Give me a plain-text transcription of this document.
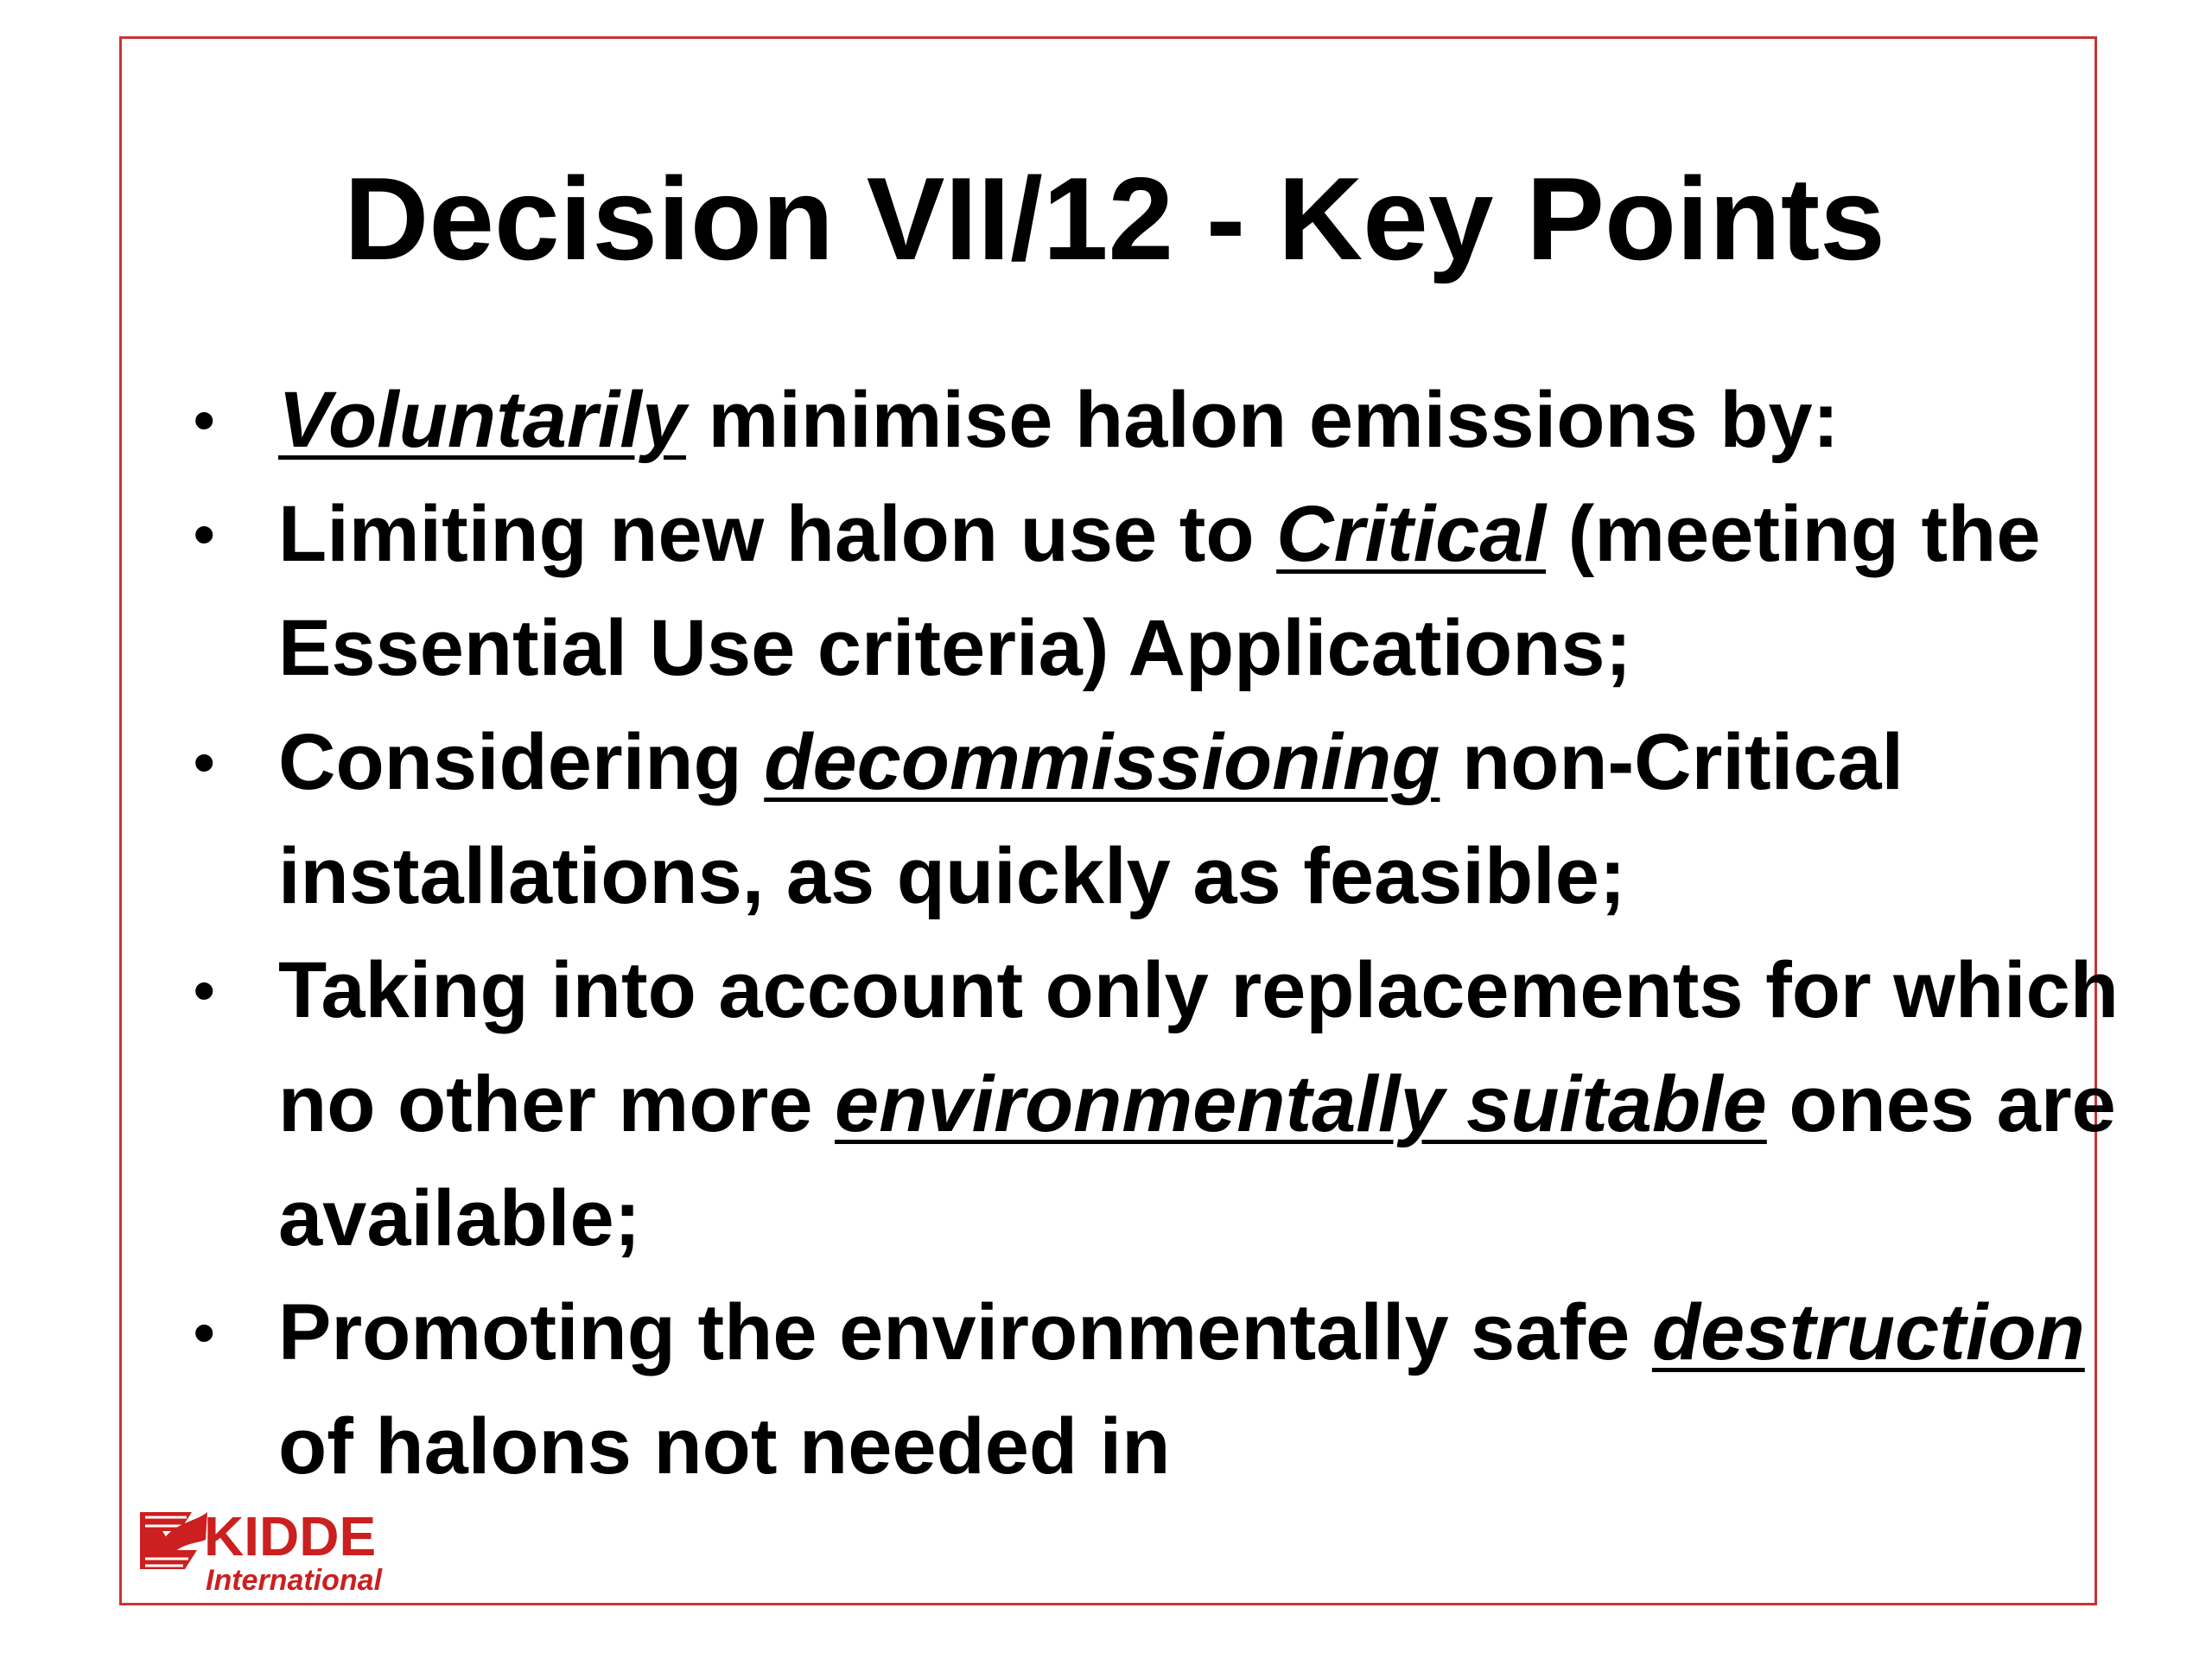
Decision VII/12 - Key Points
• Voluntarily minimise halon emissions by:
• Limiting new halon use to Critical (meeting the Essential Use criteria) Applications;
• Considering decommissioning non-Critical installations, as quickly as feasible;
• Taking into account only replacements for which no other more environmentally suitable ones are available;
• Promoting the environmentally safe destruction of halons not needed in
KIDDE
International
